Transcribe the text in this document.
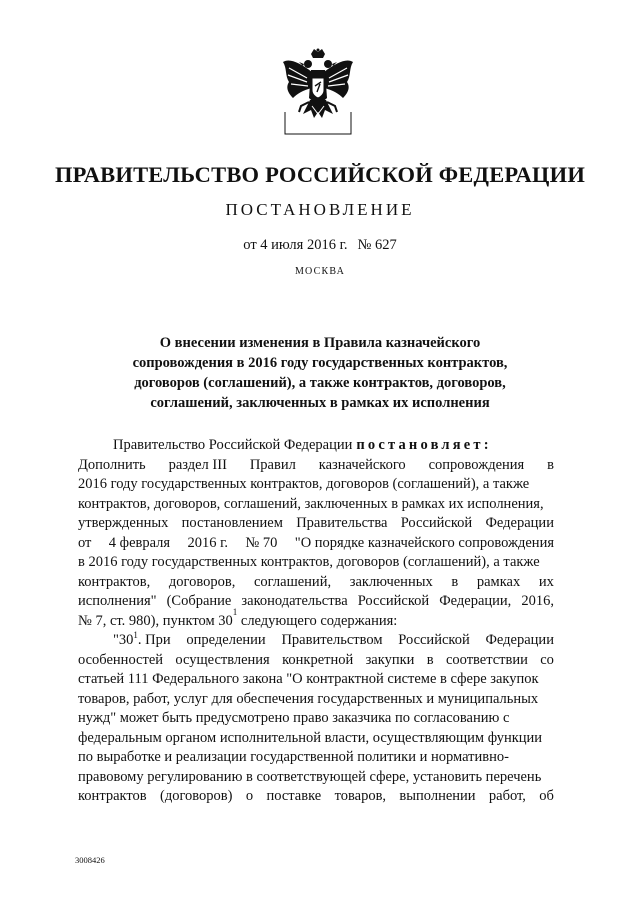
ПРАВИТЕЛЬСТВО РОССИЙСКОЙ ФЕДЕРАЦИИ
ПОСТАНОВЛЕНИЕ
от 4 июля 2016 г. № 627
МОСКВА
О внесении изменения в Правила казначейского
сопровождения в 2016 году государственных контрактов,
договоров (соглашений), а также контрактов, договоров,
соглашений, заключенных в рамках их исполнения
Правительство Российской Федерации постановляет:
Дополнить раздел III Правил казначейского сопровождения в
2016 году государственных контрактов, договоров (соглашений), а также
контрактов, договоров, соглашений, заключенных в рамках их исполнения,
утвержденных постановлением Правительства Российской Федерации
от 4 февраля 2016 г. № 70 "О порядке казначейского сопровождения
в 2016 году государственных контрактов, договоров (соглашений), а также
контрактов, договоров, соглашений, заключенных в рамках их
исполнения" (Собрание законодательства Российской Федерации, 2016,
№ 7, ст. 980), пунктом 30
1
следующего содержания:
"$30^1$. При определении Правительством Российской Федерации
особенностей осуществления конкретной закупки в соответствии со
статьей 111 Федерального закона "О контрактной системе в сфере закупок
товаров, работ, услуг для обеспечения государственных и муниципальных
нужд" может быть предусмотрено право заказчика по согласованию с
федеральным органом исполнительной власти, осуществляющим функции
по выработке и реализации государственной политики и нормативно-
правовому регулированию в соответствующей сфере, установить перечень
контрактов (договоров) о поставке товаров, выполнении работ, об
3008426
